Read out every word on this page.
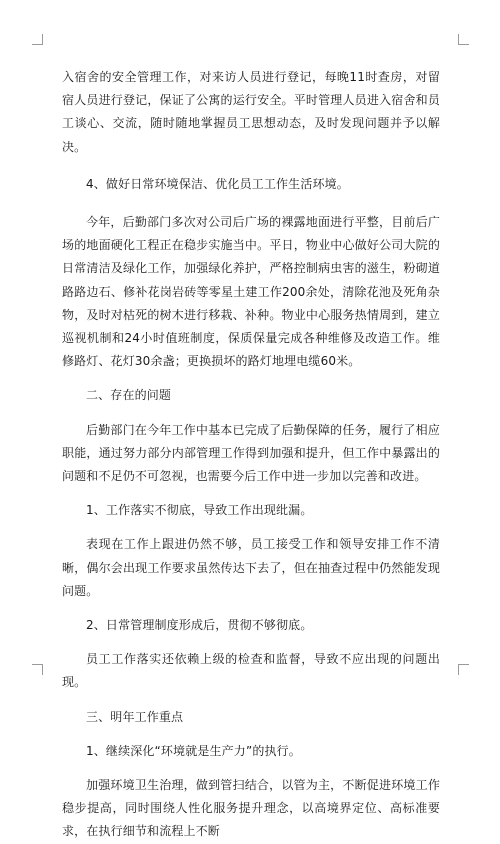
入宿舍的安全管理工作，对来访人员进行登记，每晚11时查房，对留宿人员进行登记，保证了公寓的运行安全。平时管理人员进入宿舍和员工谈心、交流，随时随地掌握员工思想动态，及时发现问题并予以解决。

4、做好日常环境保洁、优化员工工作生活环境。

今年，后勤部门多次对公司后广场的裸露地面进行平整，目前后广场的地面硬化工程正在稳步实施当中。平日，物业中心做好公司大院的日常清洁及绿化工作，加强绿化养护，严格控制病虫害的滋生，粉砌道路路边石、修补花岗岩砖等零星土建工作200余处，清除花池及死角杂物，及时对枯死的树木进行移栽、补种。物业中心服务热情周到，建立巡视机制和24小时值班制度，保质保量完成各种维修及改造工作。维修路灯、花灯30余盏；更换损坏的路灯地埋电缆60米。

二、存在的问题

后勤部门在今年工作中基本已完成了后勤保障的任务，履行了相应职能，通过努力部分内部管理工作得到加强和提升，但工作中暴露出的问题和不足仍不可忽视，也需要今后工作中进一步加以完善和改进。

1、工作落实不彻底，导致工作出现纰漏。

表现在工作上跟进仍然不够，员工接受工作和领导安排工作不清晰，偶尔会出现工作要求虽然传达下去了，但在抽查过程中仍然能发现问题。

2、日常管理制度形成后，贯彻不够彻底。

员工工作落实还依赖上级的检查和监督，导致不应出现的问题出现。

三、明年工作重点

1、继续深化“环境就是生产力”的执行。

加强环境卫生治理，做到管扫结合，以管为主，不断促进环境工作稳步提高，同时围绕人性化服务提升理念，以高境界定位、高标准要求，在执行细节和流程上不断
